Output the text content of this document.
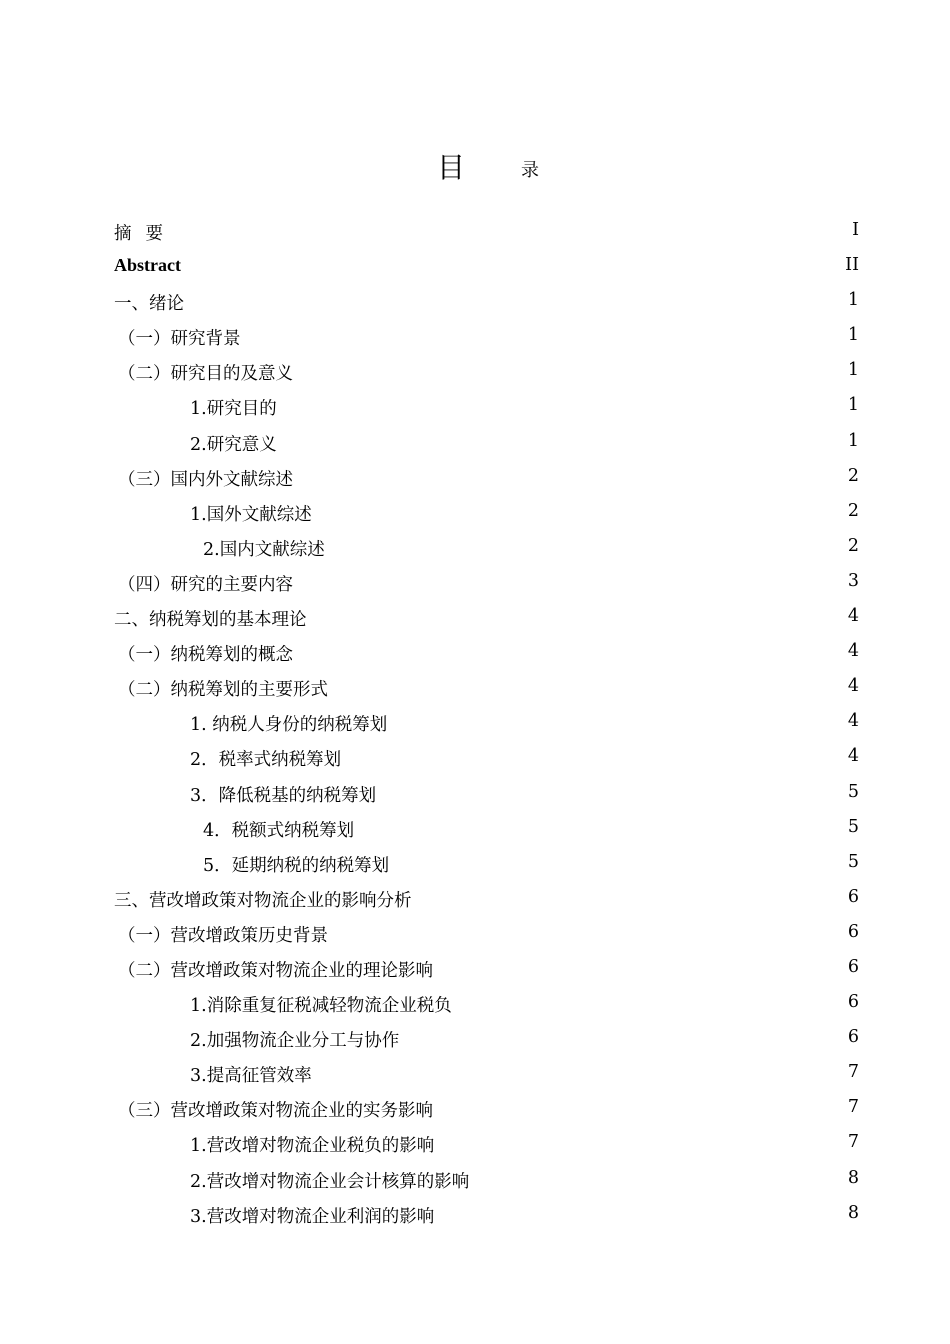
目	录
摘要	I
Abstract	II
一、绪论	1
（一）研究背景	1
（二）研究目的及意义	1
1.研究目的	1
2.研究意义	1
（三）国内外文献综述	2
1.国外文献综述	2
2.国内文献综述	2
（四）研究的主要内容	3
二、纳税筹划的基本理论	4
（一）纳税筹划的概念	4
（二）纳税筹划的主要形式	4
1. 纳税人身份的纳税筹划	4
2．税率式纳税筹划	4
3．降低税基的纳税筹划	5
4．税额式纳税筹划	5
5．延期纳税的纳税筹划	5
三、营改增政策对物流企业的影响分析	6
（一）营改增政策历史背景	6
（二）营改增政策对物流企业的理论影响	6
1.消除重复征税减轻物流企业税负	6
2.加强物流企业分工与协作	6
3.提高征管效率	7
（三）营改增政策对物流企业的实务影响	7
1.营改增对物流企业税负的影响	7
2.营改增对物流企业会计核算的影响	8
3.营改增对物流企业利润的影响	8
